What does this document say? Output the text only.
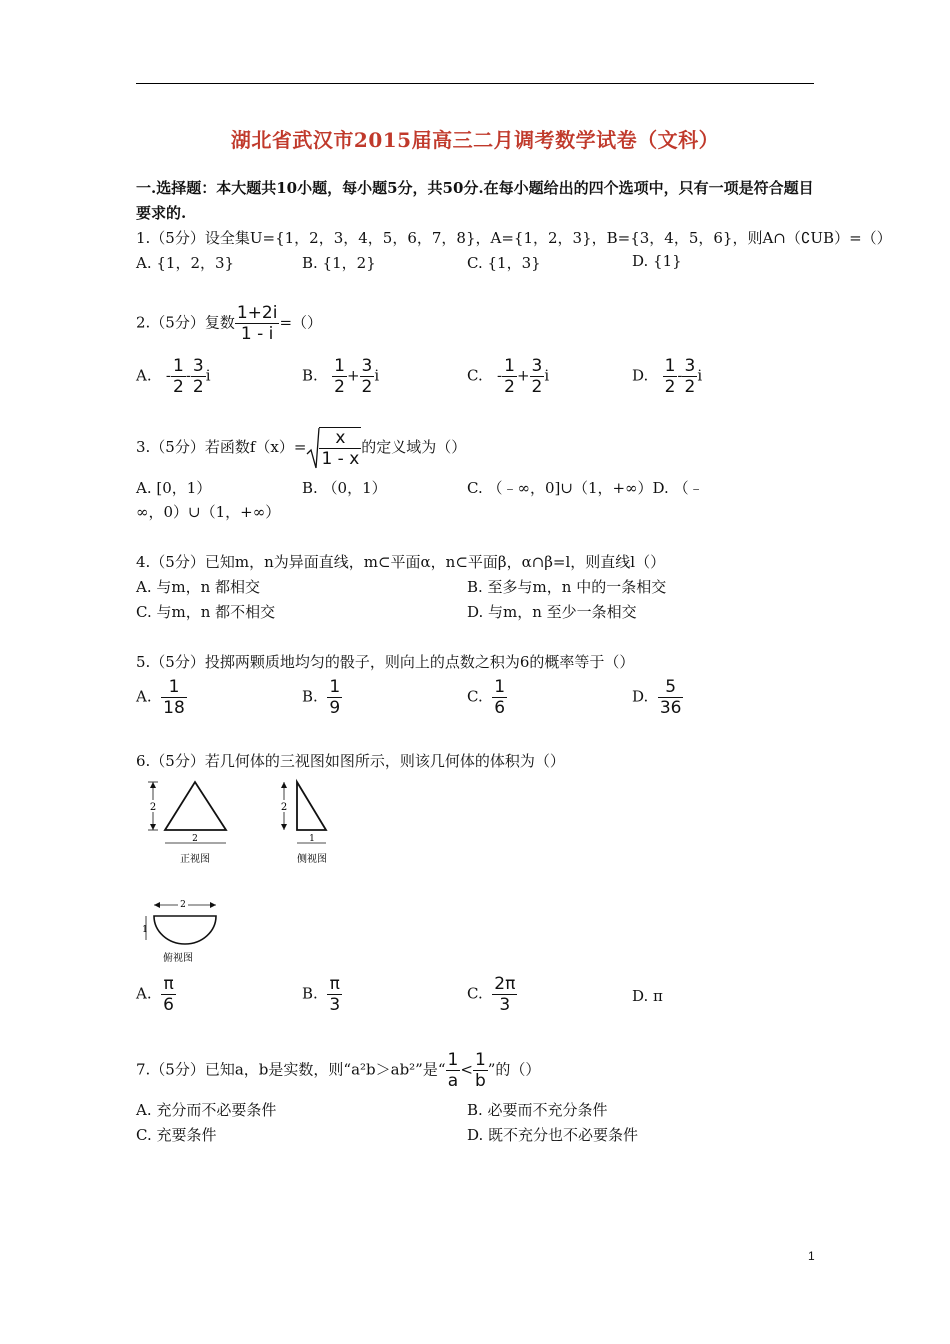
湖北省武汉市2015届高三二月调考数学试卷（文科）
一.选择题：本大题共10小题，每小题5分，共50分.在每小题给出的四个选项中，只有一项是符合题目要求的.
1.（5分）设全集U={1，2，3，4，5，6，7，8}，A={1，2，3}，B={3，4，5，6}，则A∩（∁UB）=（）
A. {1，2，3}	B. {1，2}	C. {1，3}	D. {1}
2.（5分）复数 $\frac{1+2i}{1 - i}$ =（）
A. - $\frac{1}{2} - \frac{3}{2}$ i	B. $\frac{1}{2} + \frac{3}{2}$ i	C. - $\frac{1}{2} + \frac{3}{2}$ i	D. $\frac{1}{2} - \frac{3}{2}$ i
3.（5分）若函数$f(x)= \frac{x}{1 - x}$ 的定义域为（）
A. [0，1）	B. （0，1）	C. （﹣∞，0]∪（1，+∞）D. （﹣
∞，0）∪（1，+∞）
4.（5分）已知m，n为异面直线，m⊂平面α，n⊂平面β，α∩β=l，则直线l（）
A. 与m，n 都相交	B. 至多与m，n 中的一条相交
C. 与m，n 都不相交	D. 与m，n 至少一条相交
5.（5分）投掷两颗质地均匀的骰子，则向上的点数之积为6的概率等于（）
A. $\frac{1}{18}$	B. $\frac{1}{9}$	C. $\frac{1}{6}$	D. $\frac{5}{36}$
6.（5分）若几何体的三视图如图所示，则该几何体的体积为（）
2
2
正视图
2
1
侧视图
2
1
俯视图
A. $\frac{\pi}{6}$	B. $\frac{\pi}{3}$	C. $\frac{2\pi}{3}$	D. π
7.（5分）已知a，b是实数，则“a²b＞ab²”是“ $\frac{1}{a} < \frac{1}{b}$ ”的（）
A. 充分而不必要条件	B. 必要而不充分条件
C. 充要条件	D. 既不充分也不必要条件
1
